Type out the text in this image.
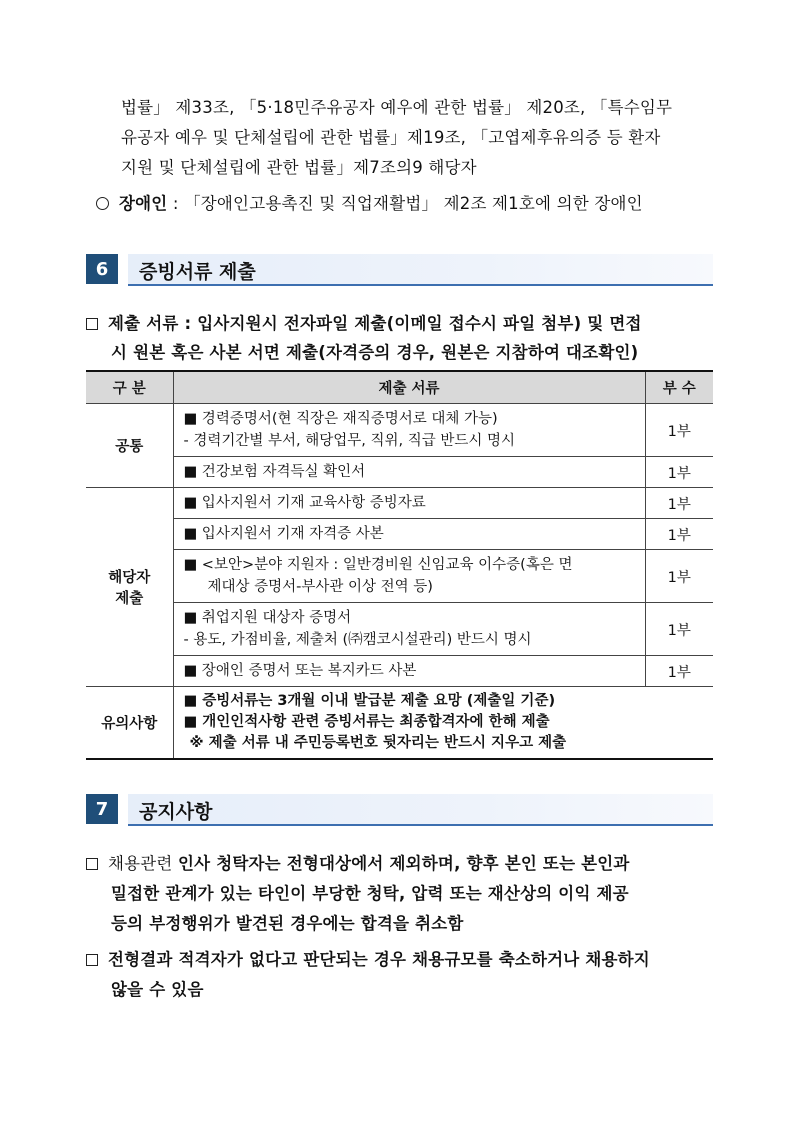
법률」 제33조, 「5·18민주유공자 예우에 관한 법률」 제20조, 「특수임무
유공자 예우 및 단체설립에 관한 법률」제19조, 「고엽제후유의증 등 환자
지원 및 단체설립에 관한 법률」제7조의9 해당자
장애인 : 「장애인고용촉진 및 직업재활법」 제2조 제1호에 의한 장애인
6	증빙서류 제출
제출 서류 : 입사지원시 전자파일 제출(이메일 접수시 파일 첨부) 및 면접
시 원본 혹은 사본 서면 제출(자격증의 경우, 원본은 지참하여 대조확인)
구 분	제출 서류	부 수
공통	■ 경력증명서(현 직장은 재직증명서로 대체 가능)
- 경력기간별 부서, 해당업무, 직위, 직급 반드시 명시	1부
	■ 건강보험 자격득실 확인서	1부

해당자
제출	■ 입사지원서 기재 교육사항 증빙자료	1부
	■ 입사지원서 기재 자격증 사본	1부

	■ <보안>분야 지원자 : 일반경비원 신임교육 이수증(혹은 면
제대상 증명서-부사관 이상 전역 등)	1부

	■ 취업지원 대상자 증명서
- 용도, 가점비율, 제출처 (㈜캠코시설관리) 반드시 명시	1부
	■ 장애인 증명서 또는 복지카드 사본	1부
유의사항	■ 증빙서류는 3개월 이내 발급분 제출 요망 (제출일 기준)
■ 개인인적사항 관련 증빙서류는 최종합격자에 한해 제출
※ 제출 서류 내 주민등록번호 뒷자리는 반드시 지우고 제출	
7	공지사항
채용관련 인사 청탁자는 전형대상에서 제외하며, 향후 본인 또는 본인과
밀접한 관계가 있는 타인이 부당한 청탁, 압력 또는 재산상의 이익 제공
등의 부정행위가 발견된 경우에는 합격을 취소함
전형결과 적격자가 없다고 판단되는 경우 채용규모를 축소하거나 채용하지
않을 수 있음
